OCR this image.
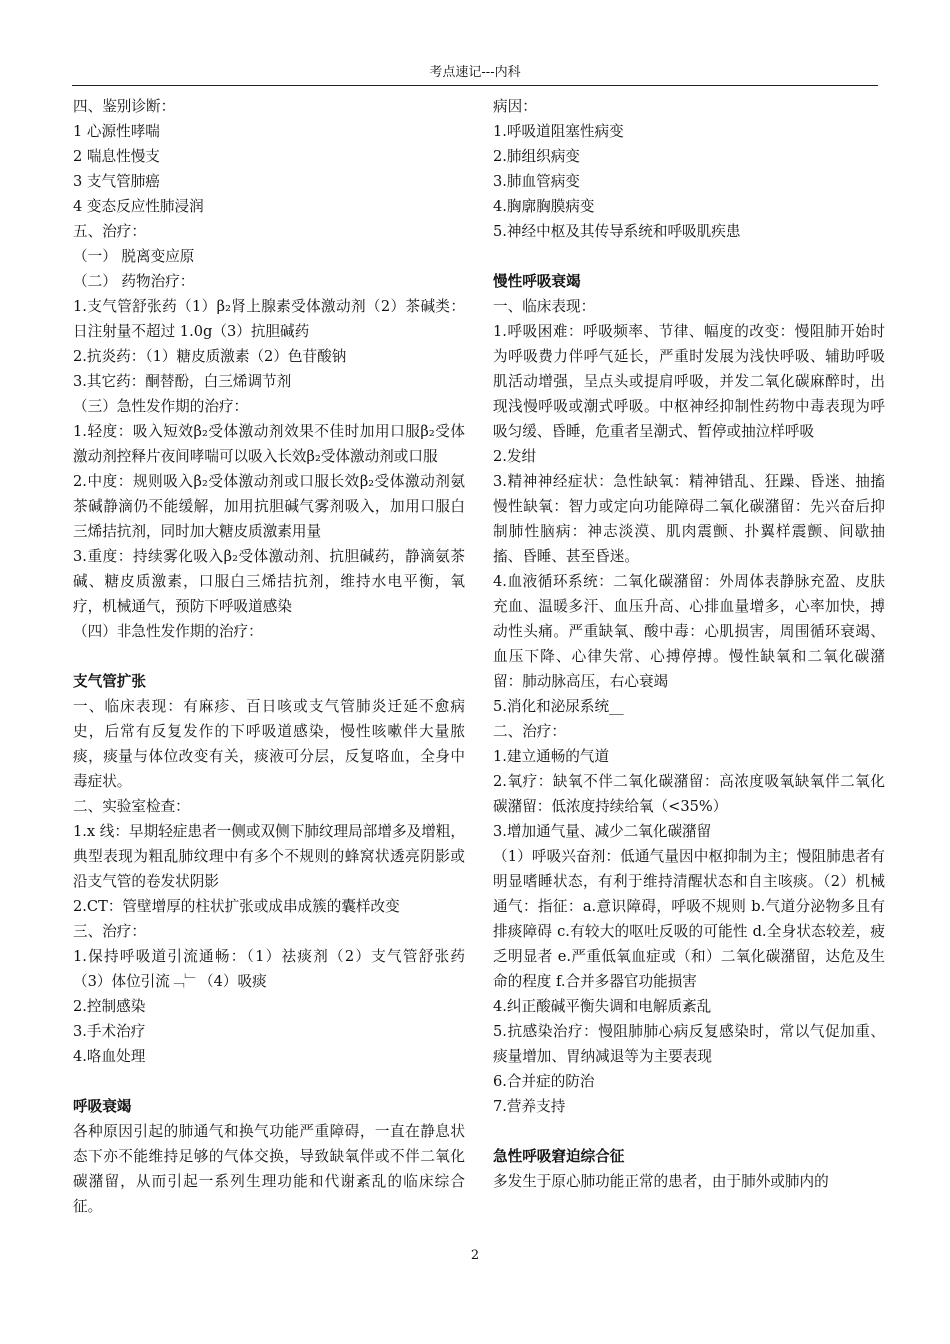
考点速记---内科

四、鉴别诊断：

1 心源性哮喘

2 喘息性慢支

3 支气管肺癌

4 变态反应性肺浸润

五、治疗：

（一） 脱离变应原

（二） 药物治疗：

1.支气管舒张药（1）β₂肾上腺素受体激动剂（2）茶碱类：日注射量不超过 1.0g（3）抗胆碱药

2.抗炎药：（1）糖皮质激素（2）色苷酸钠

3.其它药：酮替酚，白三烯调节剂

（三）急性发作期的治疗：

1.轻度：吸入短效β₂受体激动剂效果不佳时加用口服β₂受体激动剂控释片夜间哮喘可以吸入长效β₂受体激动剂或口服

2.中度：规则吸入β₂受体激动剂或口服长效β₂受体激动剂氨茶碱静滴仍不能缓解，加用抗胆碱气雾剂吸入，加用口服白三烯拮抗剂，同时加大糖皮质激素用量

3.重度：持续雾化吸入β₂受体激动剂、抗胆碱药，静滴氨茶碱、糖皮质激素，口服白三烯拮抗剂，维持水电平衡，氧疗，机械通气，预防下呼吸道感染

（四）非急性发作期的治疗：

支气管扩张

一、临床表现：有麻疹、百日咳或支气管肺炎迁延不愈病史，后常有反复发作的下呼吸道感染，慢性咳嗽伴大量脓痰，痰量与体位改变有关，痰液可分层，反复咯血，全身中毒症状。

二、实验室检查：

1.x 线：早期轻症患者一侧或双侧下肺纹理局部增多及增粗，典型表现为粗乱肺纹理中有多个不规则的蜂窝状透亮阴影或沿支气管的卷发状阴影

2.CT：管壁增厚的柱状扩张或成串成簇的囊样改变

三、治疗：

1.保持呼吸道引流通畅：（1）祛痰剂（2）支气管舒张药（3）体位引流﹁﹂（4）吸痰

2.控制感染

3.手术治疗

4.咯血处理

呼吸衰竭

各种原因引起的肺通气和换气功能严重障碍，一直在静息状态下亦不能维持足够的气体交换，导致缺氧伴或不伴二氧化碳潴留，从而引起一系列生理功能和代谢紊乱的临床综合征。

病因：

1.呼吸道阻塞性病变

2.肺组织病变

3.肺血管病变

4.胸廓胸膜病变

5.神经中枢及其传导系统和呼吸肌疾患

慢性呼吸衰竭

一、临床表现：

1.呼吸困难：呼吸频率、节律、幅度的改变：慢阻肺开始时为呼吸费力伴呼气延长，严重时发展为浅快呼吸、辅助呼吸肌活动增强，呈点头或提肩呼吸，并发二氧化碳麻醉时，出现浅慢呼吸或潮式呼吸。中枢神经抑制性药物中毒表现为呼吸匀缓、昏睡，危重者呈潮式、暂停或抽泣样呼吸

2.发绀

3.精神神经症状：急性缺氧：精神错乱、狂躁、昏迷、抽搐慢性缺氧：智力或定向功能障碍二氧化碳潴留：先兴奋后抑制肺性脑病：神志淡漠、肌肉震颤、扑翼样震颤、间歇抽搐、昏睡、甚至昏迷。

4.血液循环系统：二氧化碳潴留：外周体表静脉充盈、皮肤充血、温暖多汗、血压升高、心排血量增多，心率加快，搏动性头痛。严重缺氧、酸中毒：心肌损害，周围循环衰竭、血压下降、心律失常、心搏停搏。慢性缺氧和二氧化碳潴留：肺动脉高压，右心衰竭

5.消化和泌尿系统__

二、治疗：

1.建立通畅的气道

2.氧疗：缺氧不伴二氧化碳潴留：高浓度吸氧缺氧伴二氧化碳潴留：低浓度持续给氧（<35%）

3.增加通气量、减少二氧化碳潴留

（1）呼吸兴奋剂：低通气量因中枢抑制为主；慢阻肺患者有明显嗜睡状态，有利于维持清醒状态和自主咳痰。（2）机械通气：指征：a.意识障碍，呼吸不规则 b.气道分泌物多且有排痰障碍 c.有较大的呕吐反吸的可能性 d.全身状态较差，疲乏明显者 e.严重低氧血症或（和）二氧化碳潴留，达危及生命的程度 f.合并多器官功能损害

4.纠正酸碱平衡失调和电解质紊乱

5.抗感染治疗：慢阻肺肺心病反复感染时，常以气促加重、痰量增加、胃纳减退等为主要表现

6.合并症的防治

7.营养支持

急性呼吸窘迫综合征

多发生于原心肺功能正常的患者，由于肺外或肺内的

2
